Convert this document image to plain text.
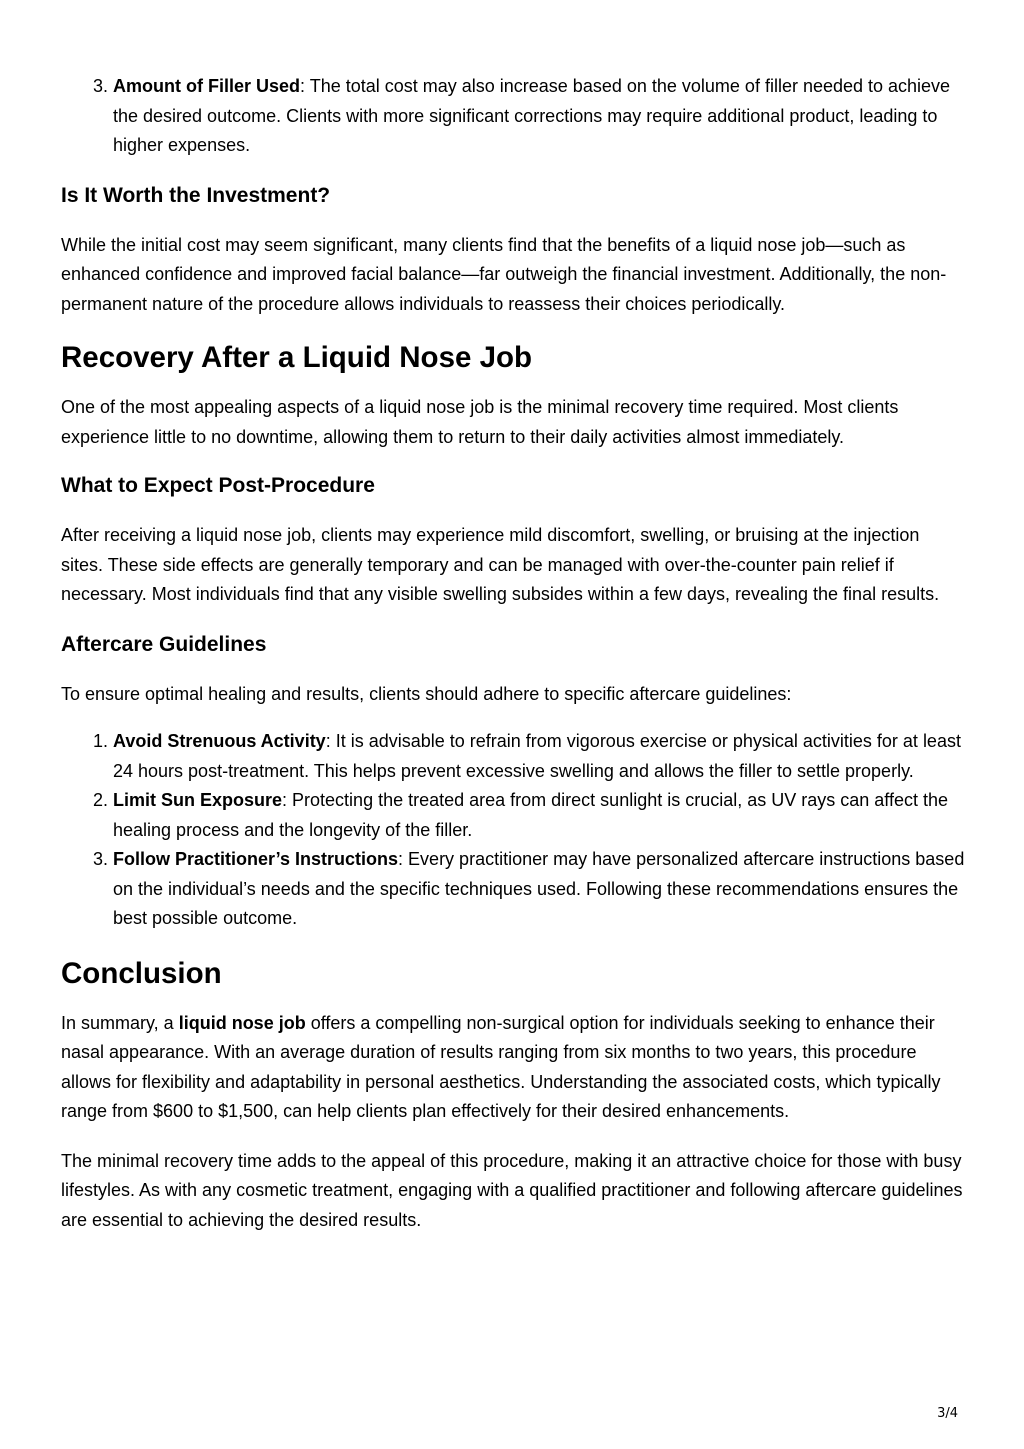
3. Amount of Filler Used: The total cost may also increase based on the volume of filler needed to achieve the desired outcome. Clients with more significant corrections may require additional product, leading to higher expenses.
Is It Worth the Investment?

While the initial cost may seem significant, many clients find that the benefits of a liquid nose job—such as enhanced confidence and improved facial balance—far outweigh the financial investment. Additionally, the non-permanent nature of the procedure allows individuals to reassess their choices periodically.

Recovery After a Liquid Nose Job

One of the most appealing aspects of a liquid nose job is the minimal recovery time required. Most clients experience little to no downtime, allowing them to return to their daily activities almost immediately.

What to Expect Post-Procedure

After receiving a liquid nose job, clients may experience mild discomfort, swelling, or bruising at the injection sites. These side effects are generally temporary and can be managed with over-the-counter pain relief if necessary. Most individuals find that any visible swelling subsides within a few days, revealing the final results.

Aftercare Guidelines

To ensure optimal healing and results, clients should adhere to specific aftercare guidelines:

1. Avoid Strenuous Activity: It is advisable to refrain from vigorous exercise or physical activities for at least 24 hours post-treatment. This helps prevent excessive swelling and allows the filler to settle properly.
2. Limit Sun Exposure: Protecting the treated area from direct sunlight is crucial, as UV rays can affect the healing process and the longevity of the filler.
3. Follow Practitioner’s Instructions: Every practitioner may have personalized aftercare instructions based on the individual’s needs and the specific techniques used. Following these recommendations ensures the best possible outcome.
Conclusion

In summary, a liquid nose job offers a compelling non-surgical option for individuals seeking to enhance their nasal appearance. With an average duration of results ranging from six months to two years, this procedure allows for flexibility and adaptability in personal aesthetics. Understanding the associated costs, which typically range from $600 to $1,500, can help clients plan effectively for their desired enhancements.

The minimal recovery time adds to the appeal of this procedure, making it an attractive choice for those with busy lifestyles. As with any cosmetic treatment, engaging with a qualified practitioner and following aftercare guidelines are essential to achieving the desired results.

3/4
